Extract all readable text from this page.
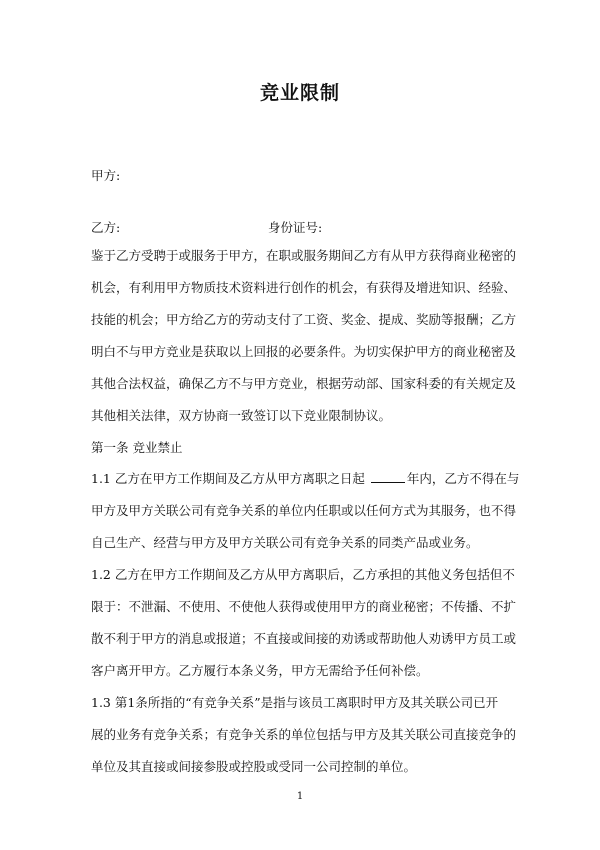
竞业限制
甲方:
乙方:	身份证号:
鉴于乙方受聘于或服务于甲方，在职或服务期间乙方有从甲方获得商业秘密的
机会，有利用甲方物质技术资料进行创作的机会，有获得及增进知识、经验、
技能的机会；甲方给乙方的劳动支付了工资、奖金、提成、奖励等报酬；乙方
明白不与甲方竞业是获取以上回报的必要条件。为切实保护甲方的商业秘密及
其他合法权益，确保乙方不与甲方竞业，根据劳动部、国家科委的有关规定及
其他相关法律，双方协商一致签订以下竞业限制协议。
第一条 竞业禁止
1.1 乙方在甲方工作期间及乙方从甲方离职之日起	年内，乙方不得在与
甲方及甲方关联公司有竞争关系的单位内任职或以任何方式为其服务，也不得
自己生产、经营与甲方及甲方关联公司有竞争关系的同类产品或业务。
1.2 乙方在甲方工作期间及乙方从甲方离职后，乙方承担的其他义务包括但不
限于：不泄漏、不使用、不使他人获得或使用甲方的商业秘密；不传播、不扩
散不利于甲方的消息或报道；不直接或间接的劝诱或帮助他人劝诱甲方员工或
客户离开甲方。乙方履行本条义务，甲方无需给予任何补偿。
1.3 第1条所指的“有竞争关系”是指与该员工离职时甲方及其关联公司已开
展的业务有竞争关系；有竞争关系的单位包括与甲方及其关联公司直接竞争的
单位及其直接或间接参股或控股或受同一公司控制的单位。
1
